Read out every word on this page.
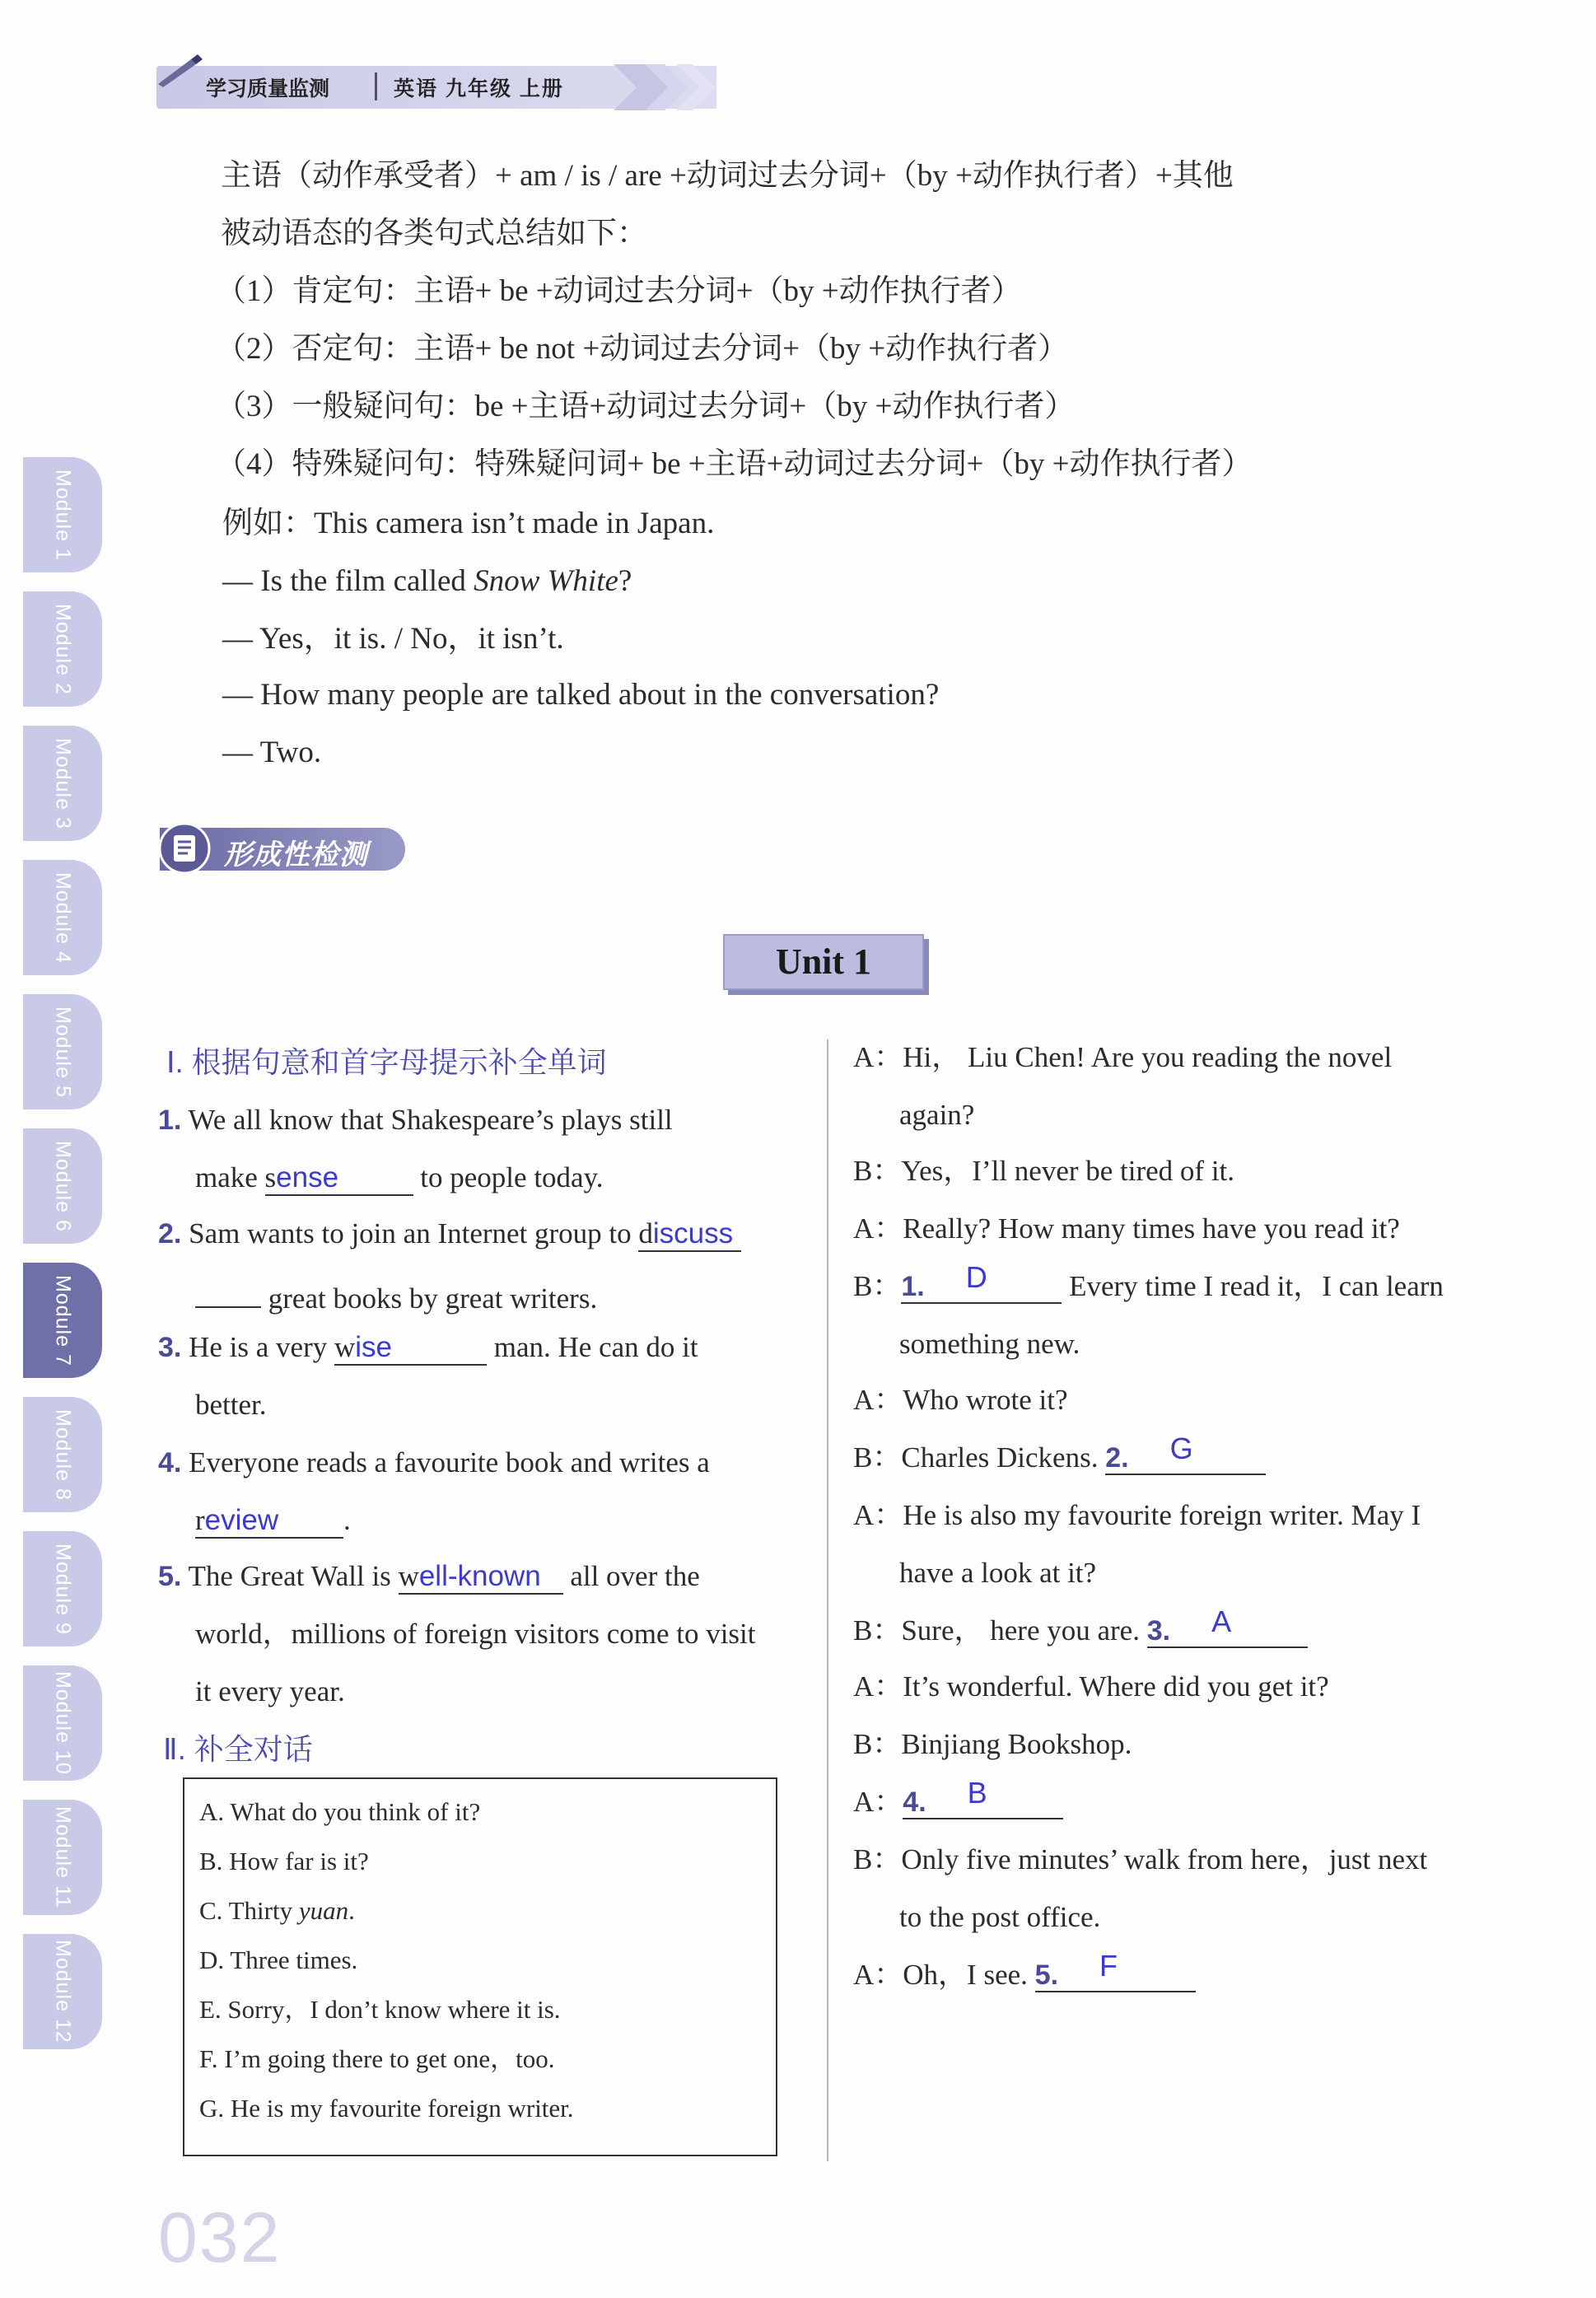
学习质量监测	英语 九年级 上册
主语（动作承受者）+ am / is / are +动词过去分词+（by +动作执行者）+其他
被动语态的各类句式总结如下：
（1）肯定句：主语+ be +动词过去分词+（by +动作执行者）
（2）否定句：主语+ be not +动词过去分词+（by +动作执行者）
（3）一般疑问句：be +主语+动词过去分词+（by +动作执行者）
（4）特殊疑问句：特殊疑问词+ be +主语+动词过去分词+（by +动作执行者）
例如：This camera isn’t made in Japan.
— Is the film called Snow White?
— Yes，it is. / No，it isn’t.
— How many people are talked about in the conversation?
— Two.
Module 1
Module 2
Module 3
Module 4
Module 5
Module 6
Module 7
Module 8
Module 9
Module 10
Module 11
Module 12
形成性检测
Unit 1
Ⅰ. 根据句意和首字母提示补全单词
1. We all know that Shakespeare’s plays still
make sense	to people today.
2. Sam wants to join an Internet group to discuss
great books by great writers.
3. He is a very wise	man. He can do it
better.
4. Everyone reads a favourite book and writes a
review .
5. The Great Wall is well-known all over the
world，millions of foreign visitors come to visit
it every year.
Ⅱ. 补全对话
A. What do you think of it?
B. How far is it?
C. Thirty yuan.
D. Three times.
E. Sorry，I don’t know where it is.
F. I’m going there to get one，too.
G. He is my favourite foreign writer.
A：Hi， Liu Chen! Are you reading the novel
again?
B：Yes，I’ll never be tired of it.
A：Really? How many times have you read it?
B：1. D	Every time I read it，I can learn
something new.
A：Who wrote it?
B：Charles Dickens. 2. G
A：He is also my favourite foreign writer. May I
have a look at it?
B：Sure， here you are. 3. A
A：It’s wonderful. Where did you get it?
B：Binjiang Bookshop.
A：4. B
B：Only five minutes’ walk from here，just next
to the post office.
A：Oh，I see. 5. F
032
